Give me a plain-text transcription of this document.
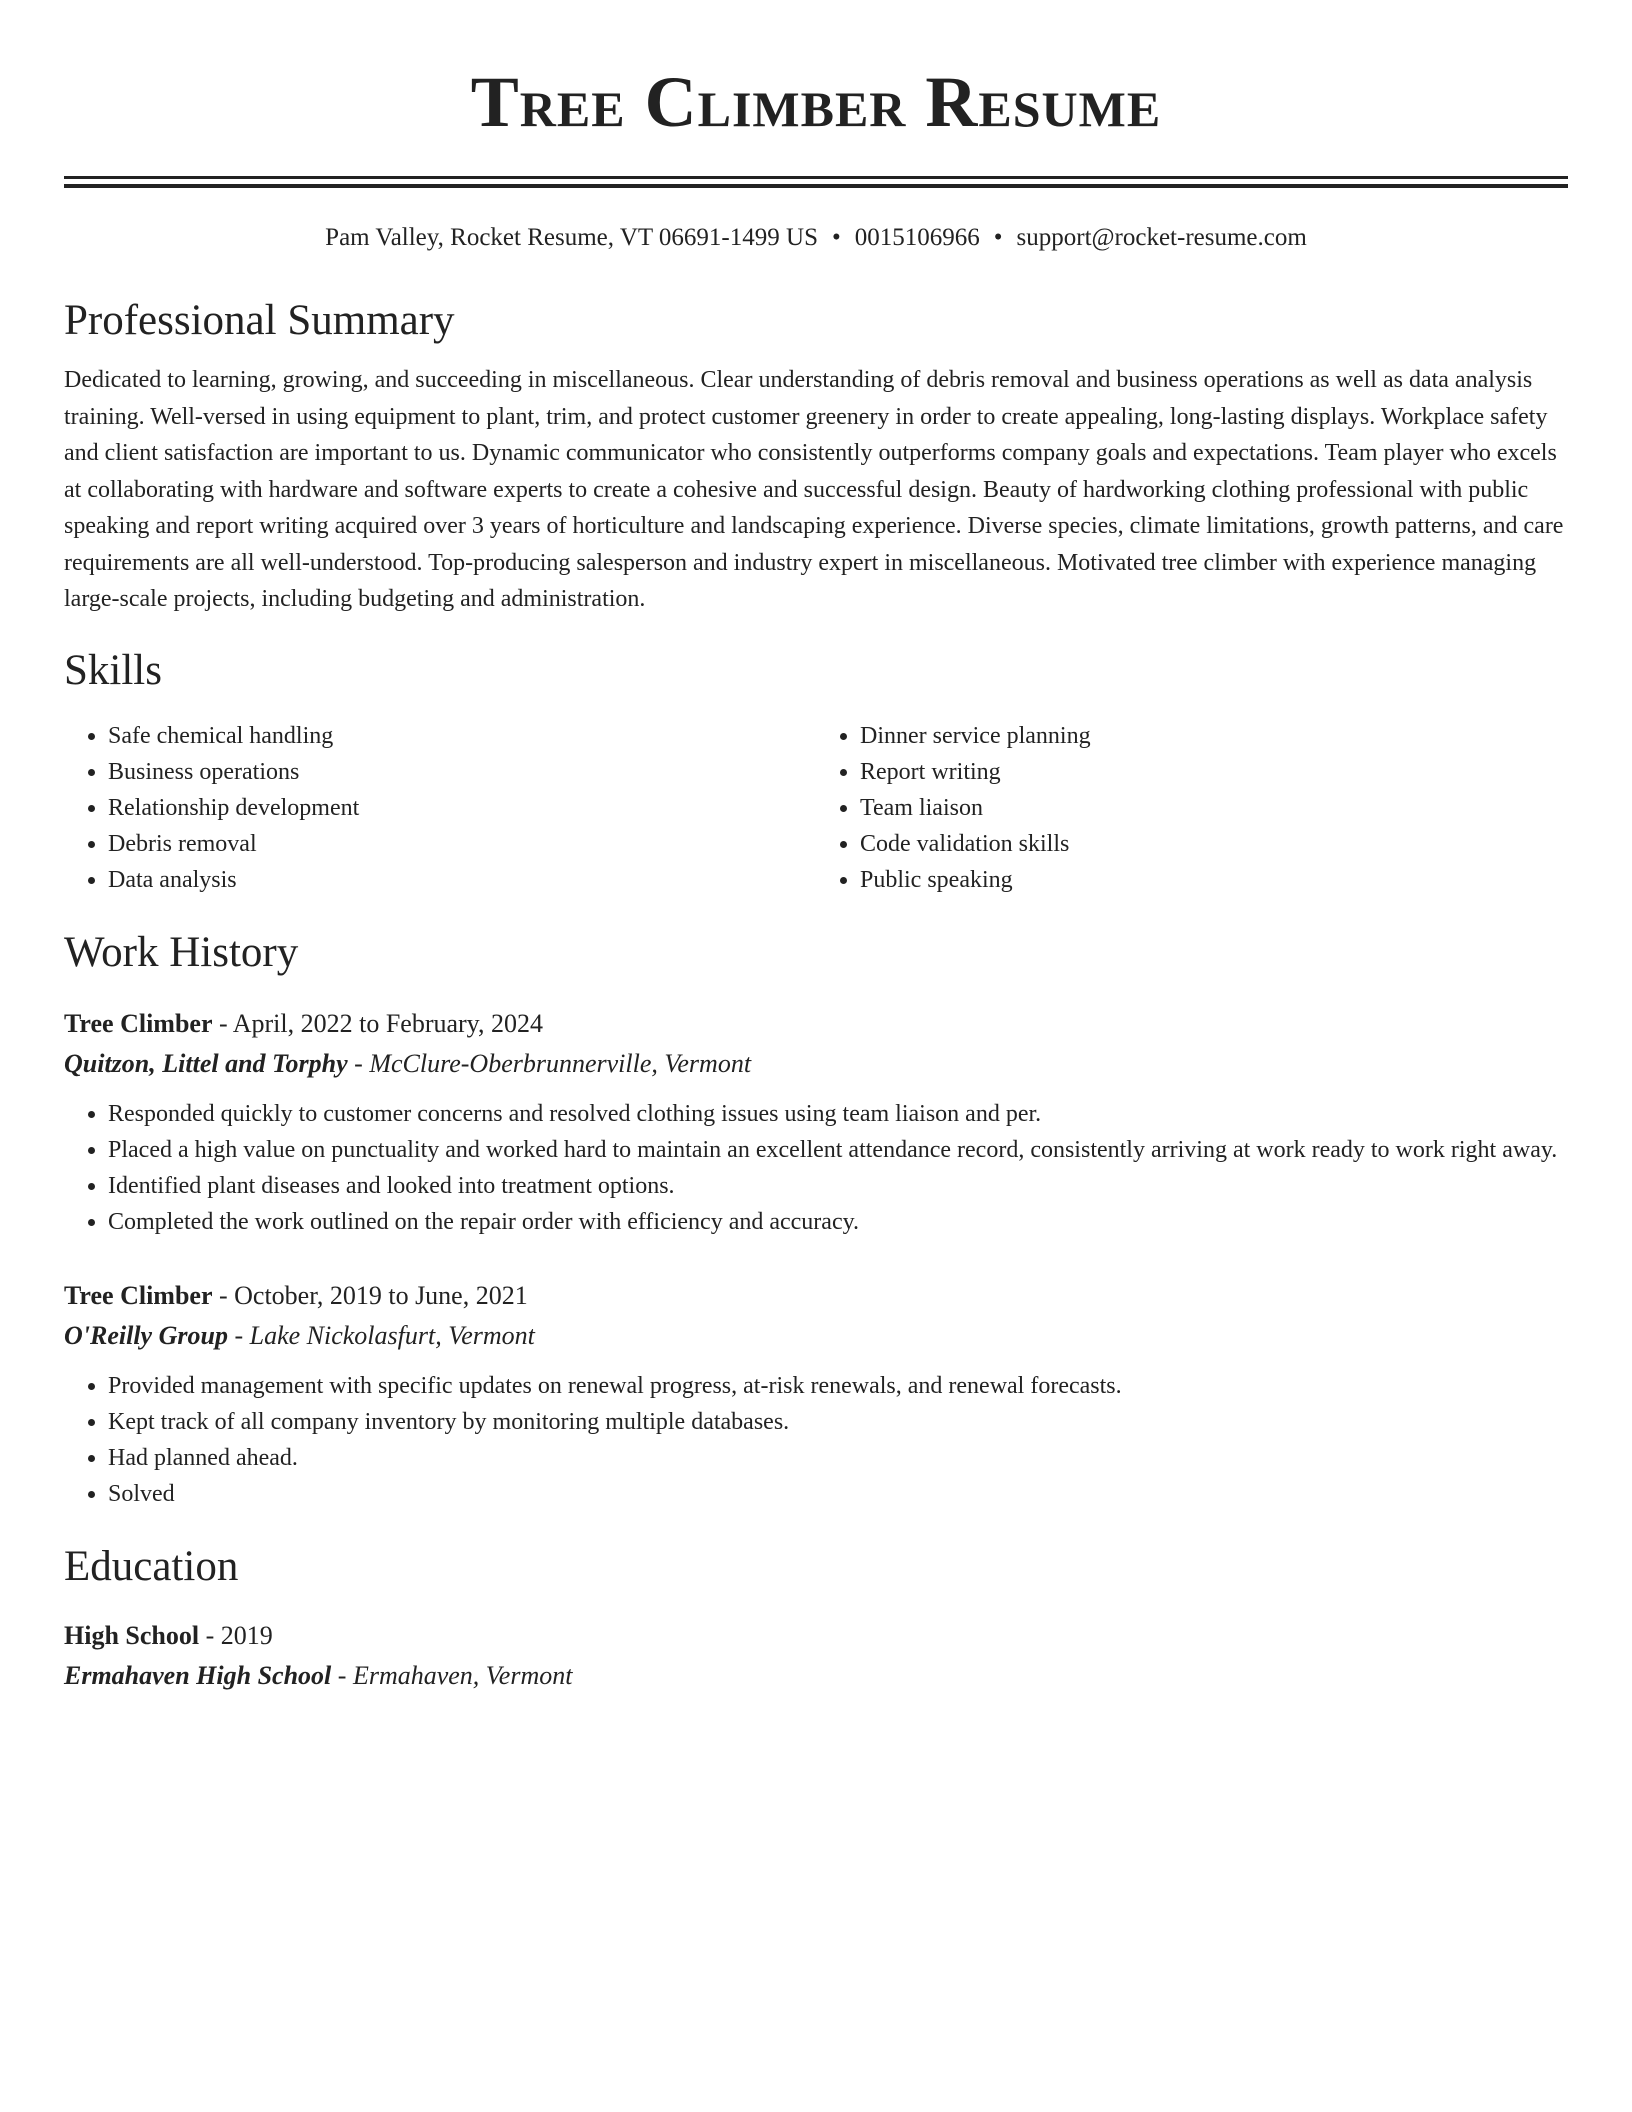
Tree Climber Resume
Pam Valley, Rocket Resume, VT 06691-1499 US • 0015106966 • support@rocket-resume.com
Professional Summary

Dedicated to learning, growing, and succeeding in miscellaneous. Clear understanding of debris removal and business operations as well as data analysis training. Well-versed in using equipment to plant, trim, and protect customer greenery in order to create appealing, long-lasting displays. Workplace safety and client satisfaction are important to us. Dynamic communicator who consistently outperforms company goals and expectations. Team player who excels at collaborating with hardware and software experts to create a cohesive and successful design. Beauty of hardworking clothing professional with public speaking and report writing acquired over 3 years of horticulture and landscaping experience. Diverse species, climate limitations, growth patterns, and care requirements are all well-understood. Top-producing salesperson and industry expert in miscellaneous. Motivated tree climber with experience managing large-scale projects, including budgeting and administration.

Skills
• Safe chemical handling
• Business operations
• Relationship development
• Debris removal
• Data analysis
• Dinner service planning
• Report writing
• Team liaison
• Code validation skills
• Public speaking
Work History
Tree Climber - April, 2022 to February, 2024
Quitzon, Littel and Torphy - McClure-Oberbrunnerville, Vermont
• Responded quickly to customer concerns and resolved clothing issues using team liaison and per.
• Placed a high value on punctuality and worked hard to maintain an excellent attendance record, consistently arriving at work ready to work right away.
• Identified plant diseases and looked into treatment options.
• Completed the work outlined on the repair order with efficiency and accuracy.
Tree Climber - October, 2019 to June, 2021
O'Reilly Group - Lake Nickolasfurt, Vermont
• Provided management with specific updates on renewal progress, at-risk renewals, and renewal forecasts.
• Kept track of all company inventory by monitoring multiple databases.
• Had planned ahead.
• Solved
Education
High School - 2019
Ermahaven High School - Ermahaven, Vermont
